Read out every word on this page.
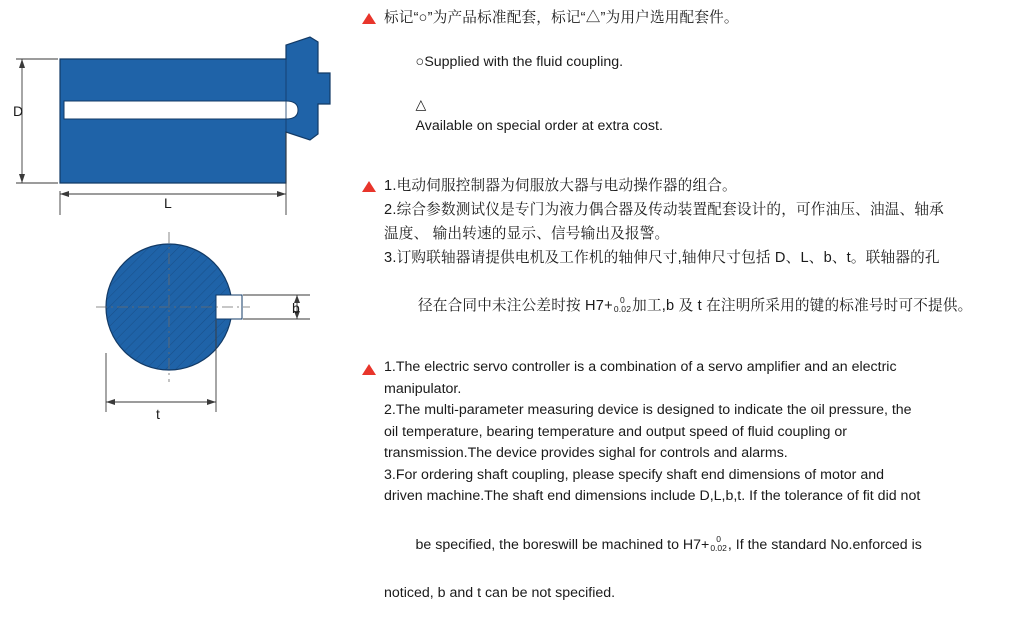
D
L
b
t

标记“○”为产品标准配套，标记“△”为用户选用配套件。

○Supplied with the fluid coupling.

△
Available on special order at extra cost.

1.电动伺服控制器为伺服放大器与电动操作器的组合。

2.综合参数测试仪是专门为液力偶合器及传动装置配套设计的，可作油压、油温、轴承

温度、 输出转速的显示、信号输出及报警。

3.订购联轴器请提供电机及工作机的轴伸尺寸,轴伸尺寸包括 D、L、b、t。联轴器的孔

径在合同中未注公差时按 H7+ 0
0.02 加工,b 及 t 在注明所采用的键的标准号时可不提供。

1.The electric servo controller is a combination of a servo amplifier and an electric

manipulator.

2.The multi-parameter measuring device is designed to indicate the oil pressure, the

oil temperature, bearing temperature and output speed of fluid coupling or

transmission.The device provides sighal for controls and alarms.

3.For ordering shaft coupling, please specify shaft end dimensions of motor and

driven machine.The shaft end dimensions include D,L,b,t. If the tolerance of fit did not

be specified, the boreswill be machined to H7+ 0
0.02 , If the standard No.enforced is

noticed, b and t can be not specified.
